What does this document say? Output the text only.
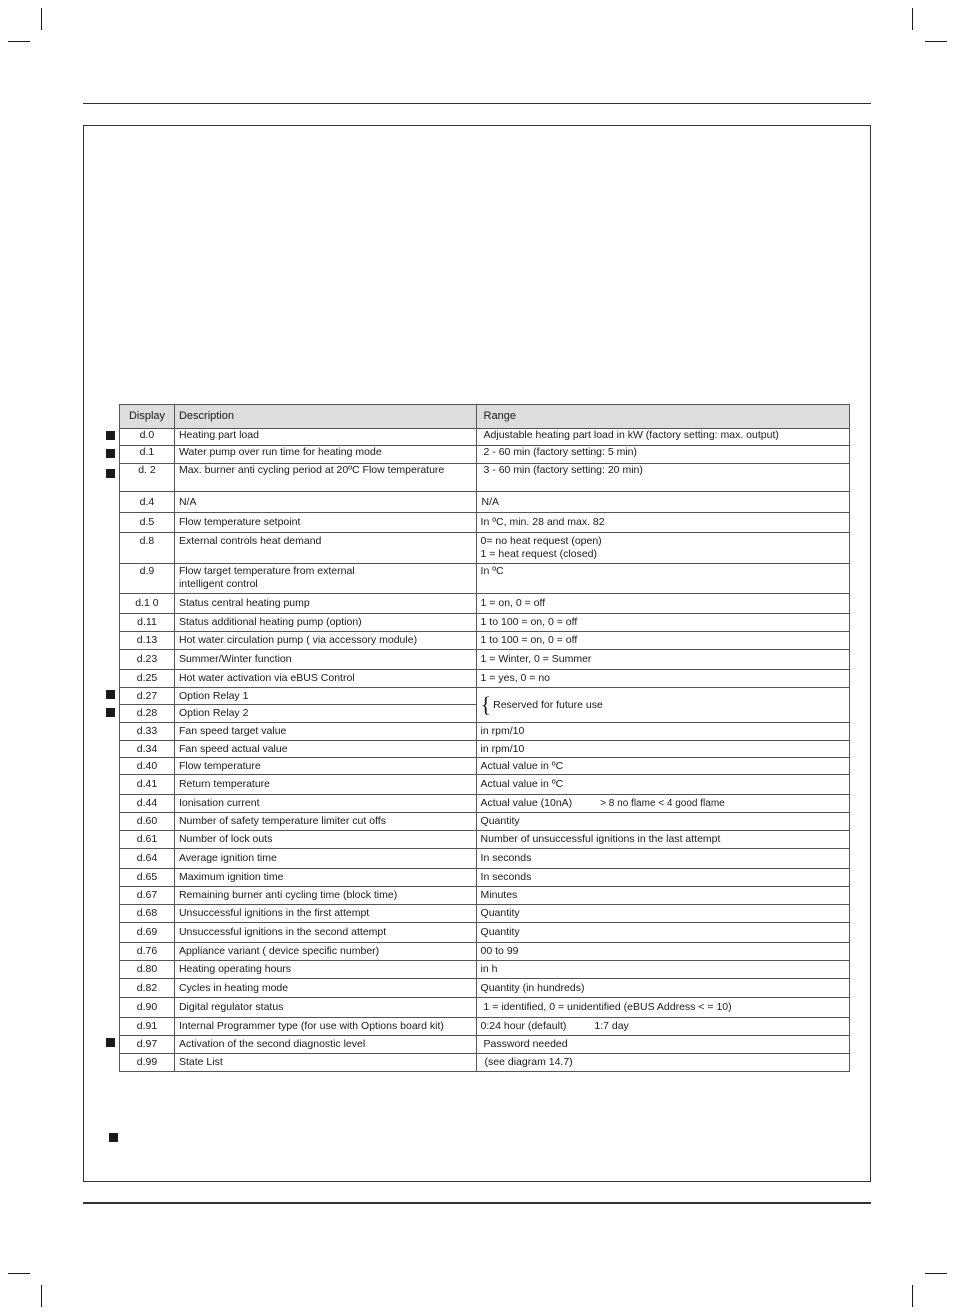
Display	Description	Range
d.0	Heating part load	Adjustable heating part load in kW (factory setting: max. output)
d.1	Water pump over run time for heating mode	2 - 60 min (factory setting: 5 min)
d. 2	Max. burner anti cycling period at 20ºC Flow temperature	3 - 60 min (factory setting: 20 min)
d.4	N/A	N/A
d.5	Flow temperature setpoint	In ºC, min. 28 and max. 82
d.8	External controls heat demand	0= no heat request (open)
1 = heat request (closed)

d.9	Flow target temperature from external
intelligent control	In ºC
d.1 0	Status central heating pump	1 = on, 0 = off
d.11	Status additional heating pump (option)	1 to 100 = on, 0 = off
d.13	Hot water circulation pump ( via accessory module)	1 to 100 = on, 0 = off
d.23	Summer/Winter function	1 = Winter, 0 = Summer
d.25	Hot water activation via eBUS Control	1 = yes, 0 = no
d.27	Option Relay 1	{ Reserved for future use

d.28	Option Relay 2	
d.33	Fan speed target value	in rpm/10
d.34	Fan speed actual value	in rpm/10
d.40	Flow temperature	Actual value in ºC
d.41	Return temperature	Actual value in ºC
d.44	Ionisation current	Actual value (10nA) > 8 no flame < 4 good flame
d.60	Number of safety temperature limiter cut offs	Quantity
d.61	Number of lock outs	Number of unsuccessful ignitions in the last attempt
d.64	Average ignition time	In seconds
d.65	Maximum ignition time	In seconds
d.67	Remaining burner anti cycling time (block time)	Minutes
d.68	Unsuccessful ignitions in the first attempt	Quantity
d.69	Unsuccessful ignitions in the second attempt	Quantity
d.76	Appliance variant ( device specific number)	00 to 99
d.80	Heating operating hours	in h
d.82	Cycles in heating mode	Quantity (in hundreds)
d.90	Digital regulator status	1 = identified, 0 = unidentified (eBUS Address < = 10)
d.91	Internal Programmer type (for use with Options board kit)	0:24 hour (default) 1:7 day
d.97	Activation of the second diagnostic level	Password needed
d.99	State List	(see diagram 14.7)
